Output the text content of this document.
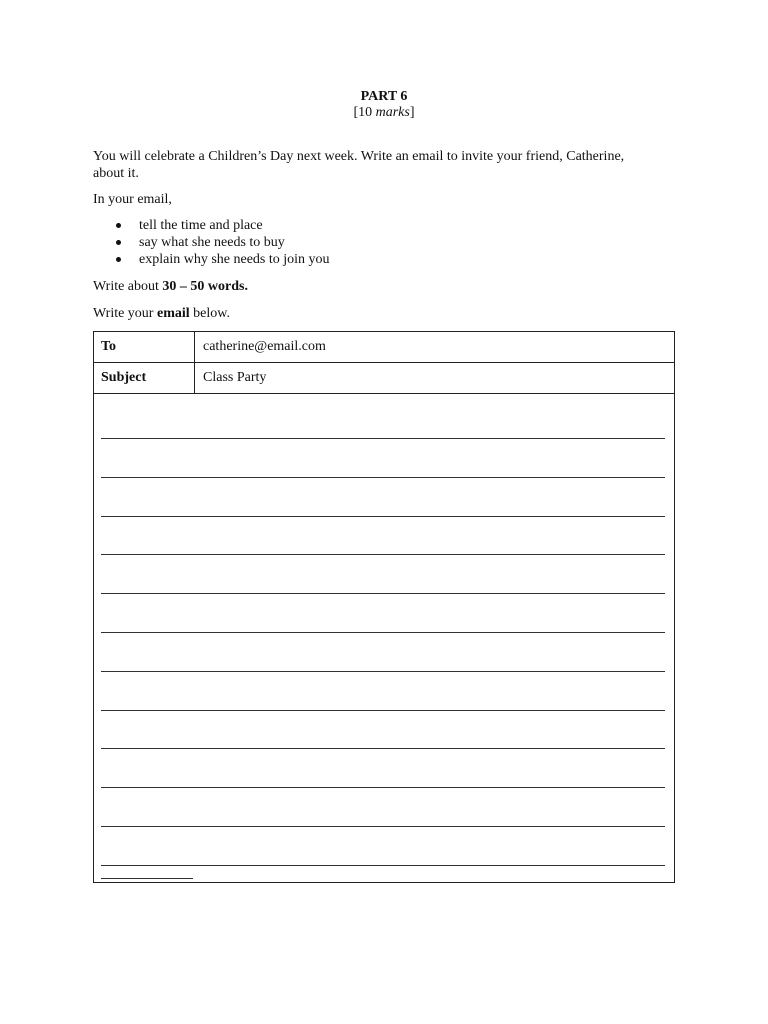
PART 6
[10 marks]
You will celebrate a Children’s Day next week. Write an email to invite your friend, Catherine, about it.
In your email,
tell the time and place
say what she needs to buy
explain why she needs to join you
Write about 30 – 50 words.
Write your email below.
To	catherine@email.com
Subject	Class Party
